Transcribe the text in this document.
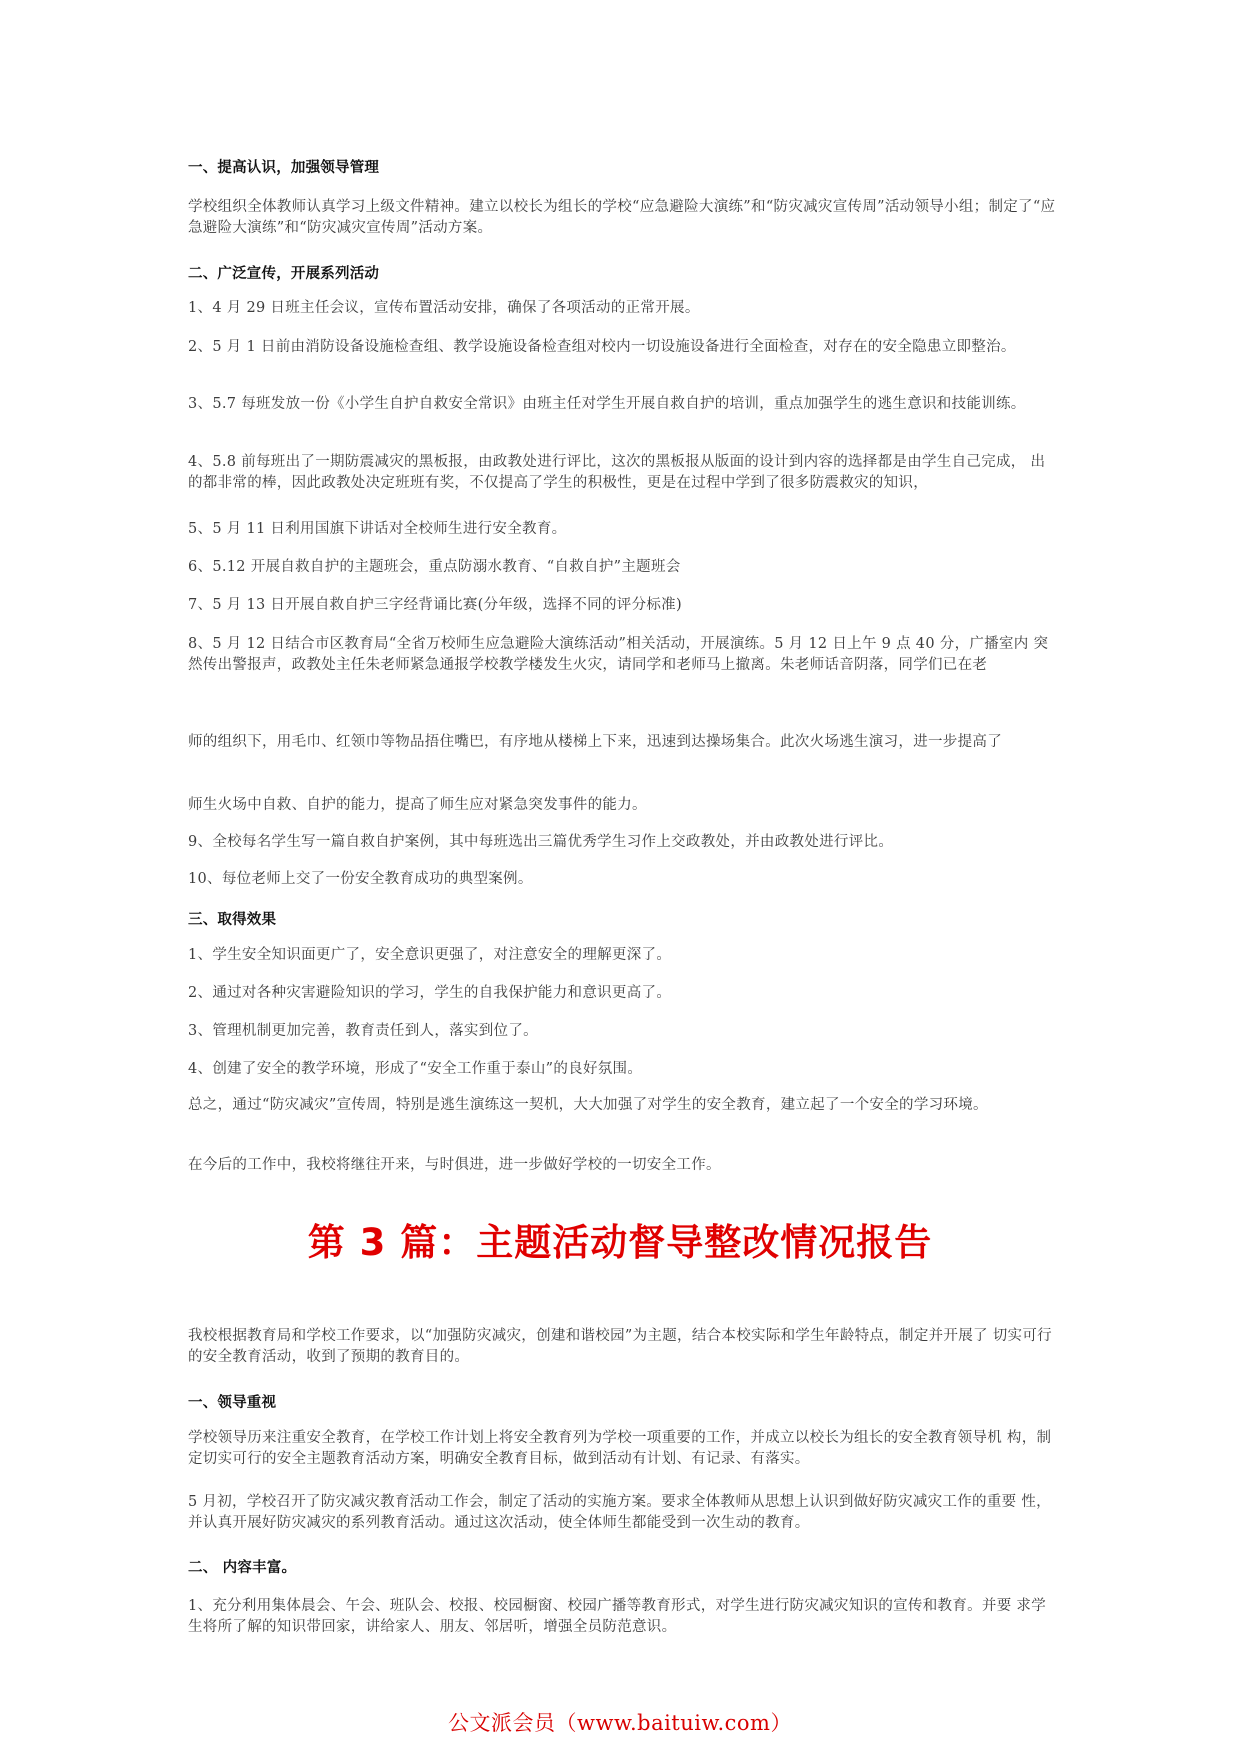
一、提高认识，加强领导管理
学校组织全体教师认真学习上级文件精神。建立以校长为组长的学校“应急避险大演练”和“防灾减灾宣传周”活动领导小组；制定了“应急避险大演练”和“防灾减灾宣传周”活动方案。
二、广泛宣传，开展系列活动
1、4 月 29 日班主任会议，宣传布置活动安排，确保了各项活动的正常开展。
2、5 月 1 日前由消防设备设施检查组、教学设施设备检查组对校内一切设施设备进行全面检查，对存在的安全隐患立即整治。
3、5.7 每班发放一份《小学生自护自救安全常识》由班主任对学生开展自救自护的培训，重点加强学生的逃生意识和技能训练。
4、5.8 前每班出了一期防震减灾的黑板报，由政教处进行评比，这次的黑板报从版面的设计到内容的选择都是由学生自己完成， 出的都非常的棒，因此政教处决定班班有奖，不仅提高了学生的积极性，更是在过程中学到了很多防震救灾的知识，
5、5 月 11 日利用国旗下讲话对全校师生进行安全教育。
6、5.12 开展自救自护的主题班会，重点防溺水教育、“自救自护”主题班会
7、5 月 13 日开展自救自护三字经背诵比赛(分年级，选择不同的评分标准)
8、5 月 12 日结合市区教育局“全省万校师生应急避险大演练活动”相关活动，开展演练。5 月 12 日上午 9 点 40 分，广播室内 突然传出警报声，政教处主任朱老师紧急通报学校教学楼发生火灾，请同学和老师马上撤离。朱老师话音阴落，同学们已在老
师的组织下，用毛巾、红领巾等物品捂住嘴巴，有序地从楼梯上下来，迅速到达操场集合。此次火场逃生演习，进一步提高了
师生火场中自救、自护的能力，提高了师生应对紧急突发事件的能力。
9、全校每名学生写一篇自救自护案例，其中每班选出三篇优秀学生习作上交政教处，并由政教处进行评比。
10、每位老师上交了一份安全教育成功的典型案例。
三、取得效果
1、学生安全知识面更广了，安全意识更强了，对注意安全的理解更深了。
2、通过对各种灾害避险知识的学习，学生的自我保护能力和意识更高了。
3、管理机制更加完善，教育责任到人，落实到位了。
4、创建了安全的教学环境，形成了“安全工作重于泰山”的良好氛围。
总之，通过“防灾减灾”宣传周，特别是逃生演练这一契机，大大加强了对学生的安全教育，建立起了一个安全的学习环境。
在今后的工作中，我校将继往开来，与时俱进，进一步做好学校的一切安全工作。
第 3 篇：主题活动督导整改情况报告
我校根据教育局和学校工作要求，以“加强防灾减灾，创建和谐校园”为主题，结合本校实际和学生年龄特点，制定并开展了 切实可行的安全教育活动，收到了预期的教育目的。
一、领导重视
学校领导历来注重安全教育，在学校工作计划上将安全教育列为学校一项重要的工作，并成立以校长为组长的安全教育领导机 构，制定切实可行的安全主题教育活动方案，明确安全教育目标，做到活动有计划、有记录、有落实。
5 月初，学校召开了防灾减灾教育活动工作会，制定了活动的实施方案。要求全体教师从思想上认识到做好防灾减灾工作的重要 性，并认真开展好防灾减灾的系列教育活动。通过这次活动，使全体师生都能受到一次生动的教育。
二、 内容丰富。
1、充分利用集体晨会、午会、班队会、校报、校园橱窗、校园广播等教育形式，对学生进行防灾减灾知识的宣传和教育。并要 求学生将所了解的知识带回家，讲给家人、朋友、邻居听，增强全员防范意识。
公文派会员（www.baituiw.com）
